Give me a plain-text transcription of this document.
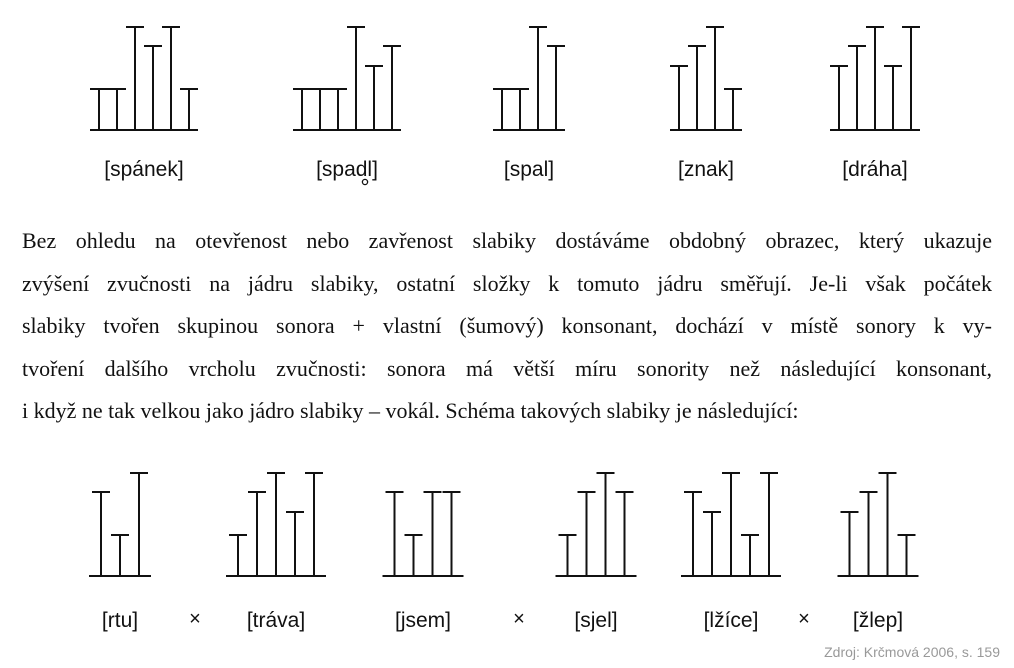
[spánek]	[spadl]	[spal]	[znak]	[dráha]
[rtu]	[tráva]	[jsem]	[sjel]	[lžíce]	[žlep]
×	×	×
Bez ohledu na otevřenost nebo zavřenost slabiky dostáváme obdobný obrazec, který ukazuje
zvýšení zvučnosti na jádru slabiky, ostatní složky k tomuto jádru směřují. Je-li však počátek
slabiky tvořen skupinou sonora + vlastní (šumový) konsonant, dochází v místě sonory k vy-
tvoření dalšího vrcholu zvučnosti: sonora má větší míru sonority než následující konsonant,
i když ne tak velkou jako jádro slabiky – vokál. Schéma takových slabiky je následující:
Zdroj: Krčmová 2006, s. 159
